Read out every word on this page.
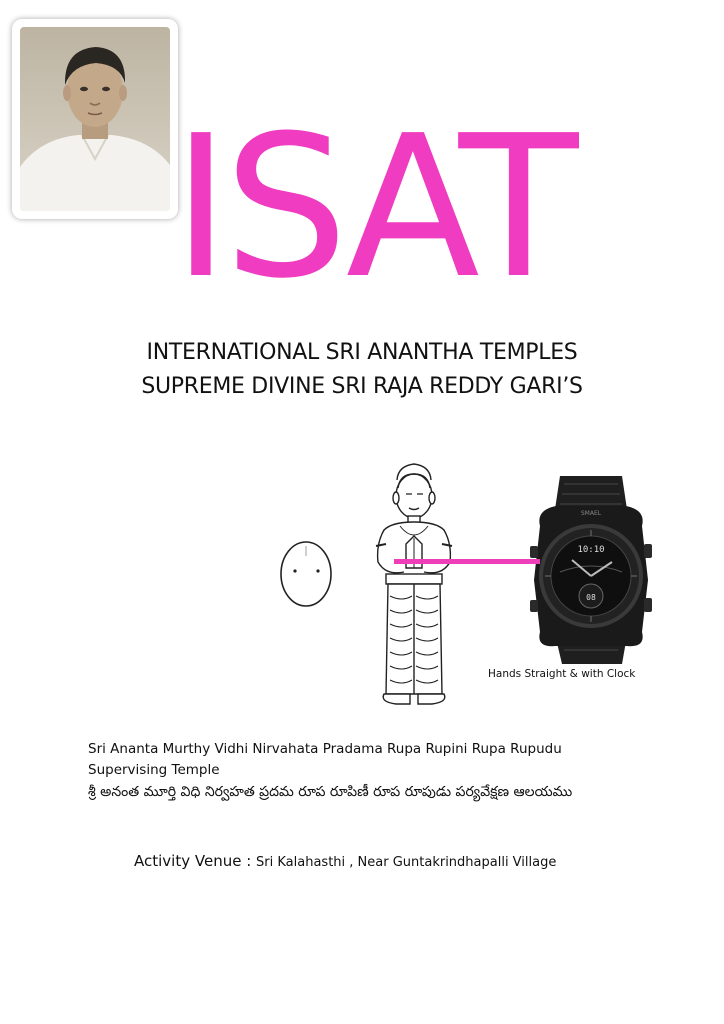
ISAT
INTERNATIONAL SRI ANANTHA TEMPLES
SUPREME DIVINE SRI RAJA REDDY GARI’S
SMAEL
10:10
08
Hands Straight & with Clock
Sri Ananta Murthy Vidhi Nirvahata Pradama Rupa Rupini Rupa Rupudu
Supervising Temple
శ్రీ అనంత మూర్తి విధి నిర్వహత ప్రదమ రూప రూపిణీ రూప రూపుడు పర్యవేక్షణ ఆలయము
Activity Venue : Sri Kalahasthi , Near Guntakrindhapalli Village
